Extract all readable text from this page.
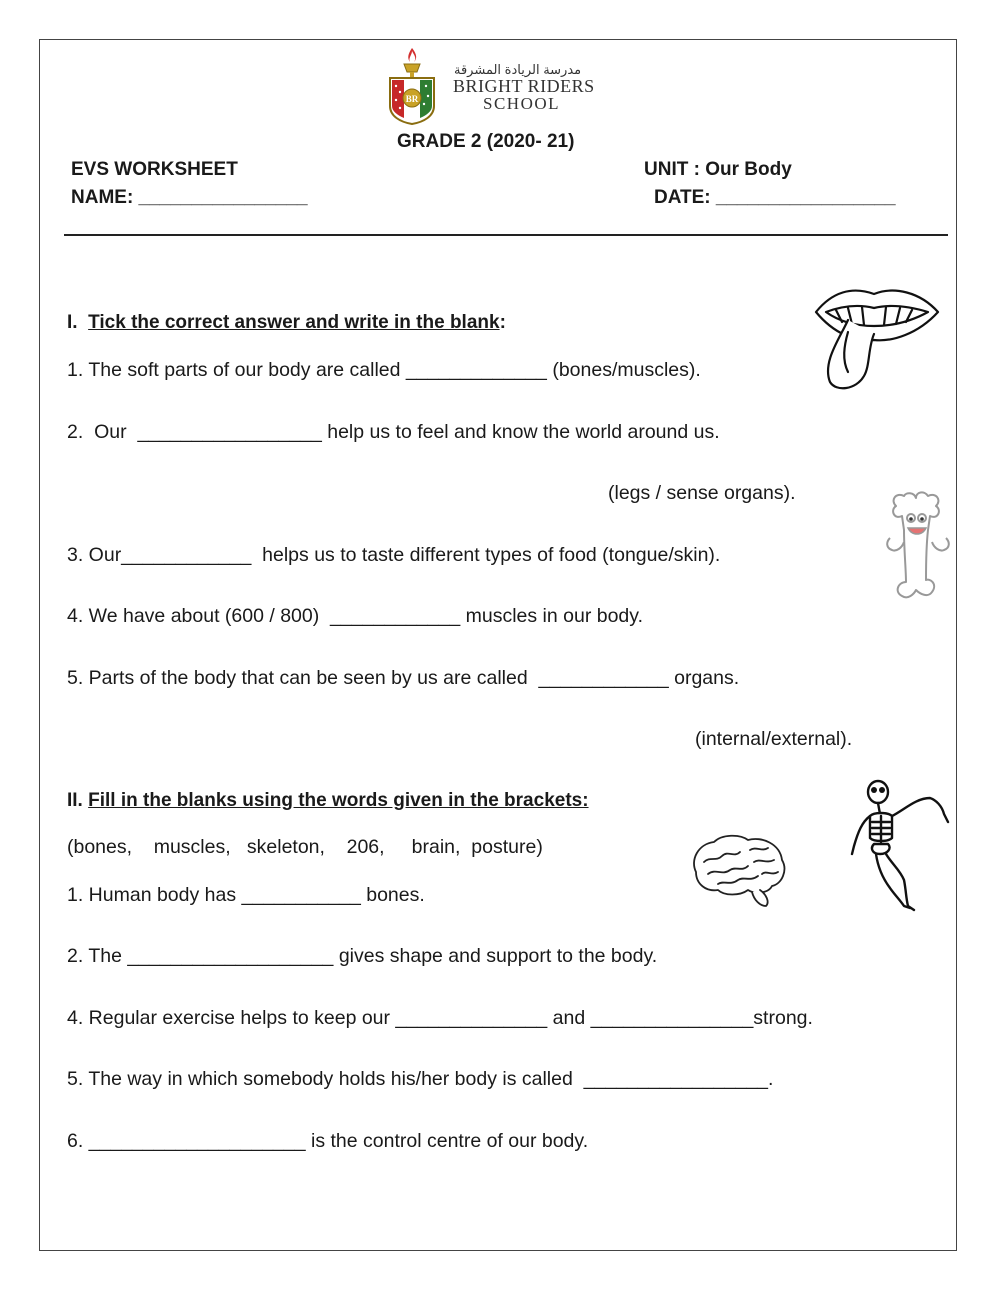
BR
مدرسة الريادة المشرقة
BRIGHT RIDERS
SCHOOL
GRADE 2 (2020- 21)
EVS WORKSHEET	UNIT : Our Body
NAME: ________________	DATE: _________________
I. Tick the correct answer and write in the blank:
1. The soft parts of our body are called _____________ (bones/muscles).
2.  Our  _________________ help us to feel and know the world around us.
(legs / sense organs).
3. Our____________  helps us to taste different types of food (tongue/skin).
4. We have about (600 / 800)  ____________ muscles in our body.
5. Parts of the body that can be seen by us are called  ____________ organs.
(internal/external).
II. Fill in the blanks using the words given in the brackets:
(bones,    muscles,   skeleton,    206,     brain,  posture)
1. Human body has ___________ bones.
2. The ___________________ gives shape and support to the body.
4. Regular exercise helps to keep our ______________ and _______________strong.
5. The way in which somebody holds his/her body is called  _________________.
6. ____________________ is the control centre of our body.
